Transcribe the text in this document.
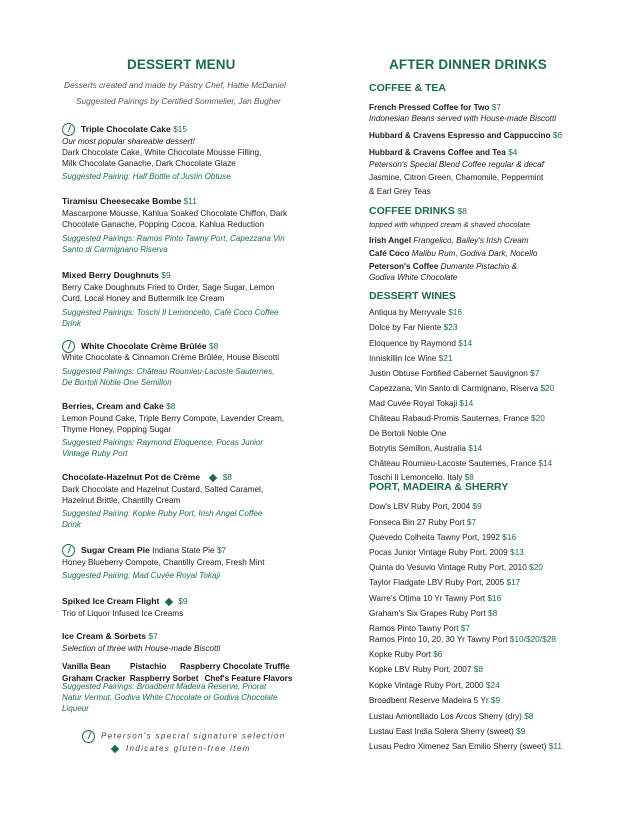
DESSERT MENU
Desserts created and made by Pastry Chef, Hattie McDaniel
Suggested Pairings by Certified Sommelier, Jan Bugher
Triple Chocolate Cake $15
Our most popular shareable dessert!
Dark Chocolate Cake, White Chocolate Mousse Filling,
Milk Chocolate Ganache, Dark Chocolate Glaze
Suggested Pairing: Half Bottle of Justin Obtuse
Tiramisu Cheesecake Bombe $11
Mascarpone Mousse, Kahlua Soaked Chocolate Chiffon, Dark
Chocolate Ganache, Popping Cocoa, Kahlua Reduction
Suggested Pairings: Ramos Pinto Tawny Port, Capezzana Vin
Santo di Carmignano Riserva
Mixed Berry Doughnuts $9
Berry Cake Doughnuts Fried to Order, Sage Sugar, Lemon
Curd, Local Honey and Buttermilk Ice Cream
Suggested Pairings: Toschi Il Lemoncello, Café Coco Coffee
Drink
White Chocolate Crème Brûlée $8
White Chocolate & Cinnamon Crème Brûlée, House Biscotti
Suggested Pairings: Château Roumieu-Lacoste Sauternes,
De Bortoli Noble One Semillon
Berries, Cream and Cake $8
Lemon Pound Cake, Triple Berry Compote, Lavender Cream,
Thyme Honey, Popping Sugar
Suggested Pairings: Raymond Eloquence, Pocas Junior
Vintage Ruby Port
Chocolate-Hazelnut Pot de Crème	$8
Dark Chocolate and Hazelnut Custard, Salted Caramel,
Hazelnut Brittle, Chantilly Cream
Suggested Pairing: Kopke Ruby Port, Irish Angel Coffee
Drink
Sugar Cream Pie Indiana State Pie $7
Honey Blueberry Compote, Chantilly Cream, Fresh Mint
Suggested Pairing: Mad Cuvée Royal Tokaji
Spiked Ice Cream Flight $9
Trio of Liquor Infused Ice Creams
Ice Cream & Sorbets $7
Selection of three with House-made Biscotti
Vanilla Bean Pistachio Raspberry Chocolate Truffle
Graham Cracker Raspberry Sorbet Chef's Feature Flavors
Suggested Pairings: Broadbent Madeira Reserve, Priorat
Natur Vermut, Godiva White Chocolate or Godiva Chocolate
Liqueur
Peterson's special signature selection
Indicates gluten-free item
AFTER DINNER DRINKS
COFFEE & TEA
French Pressed Coffee for Two $7
Indonesian Beans served with House-made Biscotti
Hubbard & Cravens Espresso and Cappuccino $6
Hubbard & Cravens Coffee and Tea $4
Peterson's Special Blend Coffee regular & decaf
Jasmine, Citron Green, Chamomile, Peppermint
& Earl Grey Teas
COFFEE DRINKS $8
topped with whipped cream & shaved chocolate
Irish Angel Frangelico, Bailey's Irish Cream
Café Coco Malibu Rum, Godiva Dark, Nocello
Peterson's Coffee Dumante Pistachio &
Godiva White Chocolate
DESSERT WINES
Antiqua by Merryvale $16
Dolce by Far Niente $23
Eloquence by Raymond $14
Inniskillin Ice Wine $21
Justin Obtuse Fortified Cabernet Sauvignon $7
Capezzana, Vin Santo di Carmignano, Riserva $20
Mad Cuvée Royal Tokaji $14
Château Rabaud-Promis Sauternes, France $20
De Bortoli Noble One
Botrytis Semillon, Australia $14
Château Roumieu-Lacoste Sauternes, France $14
Toschi Il Lemoncello. Italy $8
PORT, MADEIRA & SHERRY
Dow's LBV Ruby Port, 2004 $9
Fonseca Bin 27 Ruby Port $7
Quevedo Colheita Tawny Port, 1992 $16
Pocas Junior Vintage Ruby Port, 2009 $13
Quinta do Vesuvio Vintage Ruby Port, 2010 $20
Taylor Fladgate LBV Ruby Port, 2005 $17
Warre's Otima 10 Yr Tawny Port $16
Graham's Six Grapes Ruby Port $8
Ramos Pinto Tawny Port $7
Ramos Pinto 10, 20, 30 Yr Tawny Port $10/$20/$28
Kopke Ruby Port $6
Kopke LBV Ruby Port, 2007 $8
Kopke Vintage Ruby Port, 2000 $24
Broadbent Reserve Madeira 5 Yr $9
Lustau Amontillado Los Arcos Sherry (dry) $8
Lustau East India Solera Sherry (sweet) $9
Lusau Pedro Ximenez San Emilio Sherry (sweet) $11
